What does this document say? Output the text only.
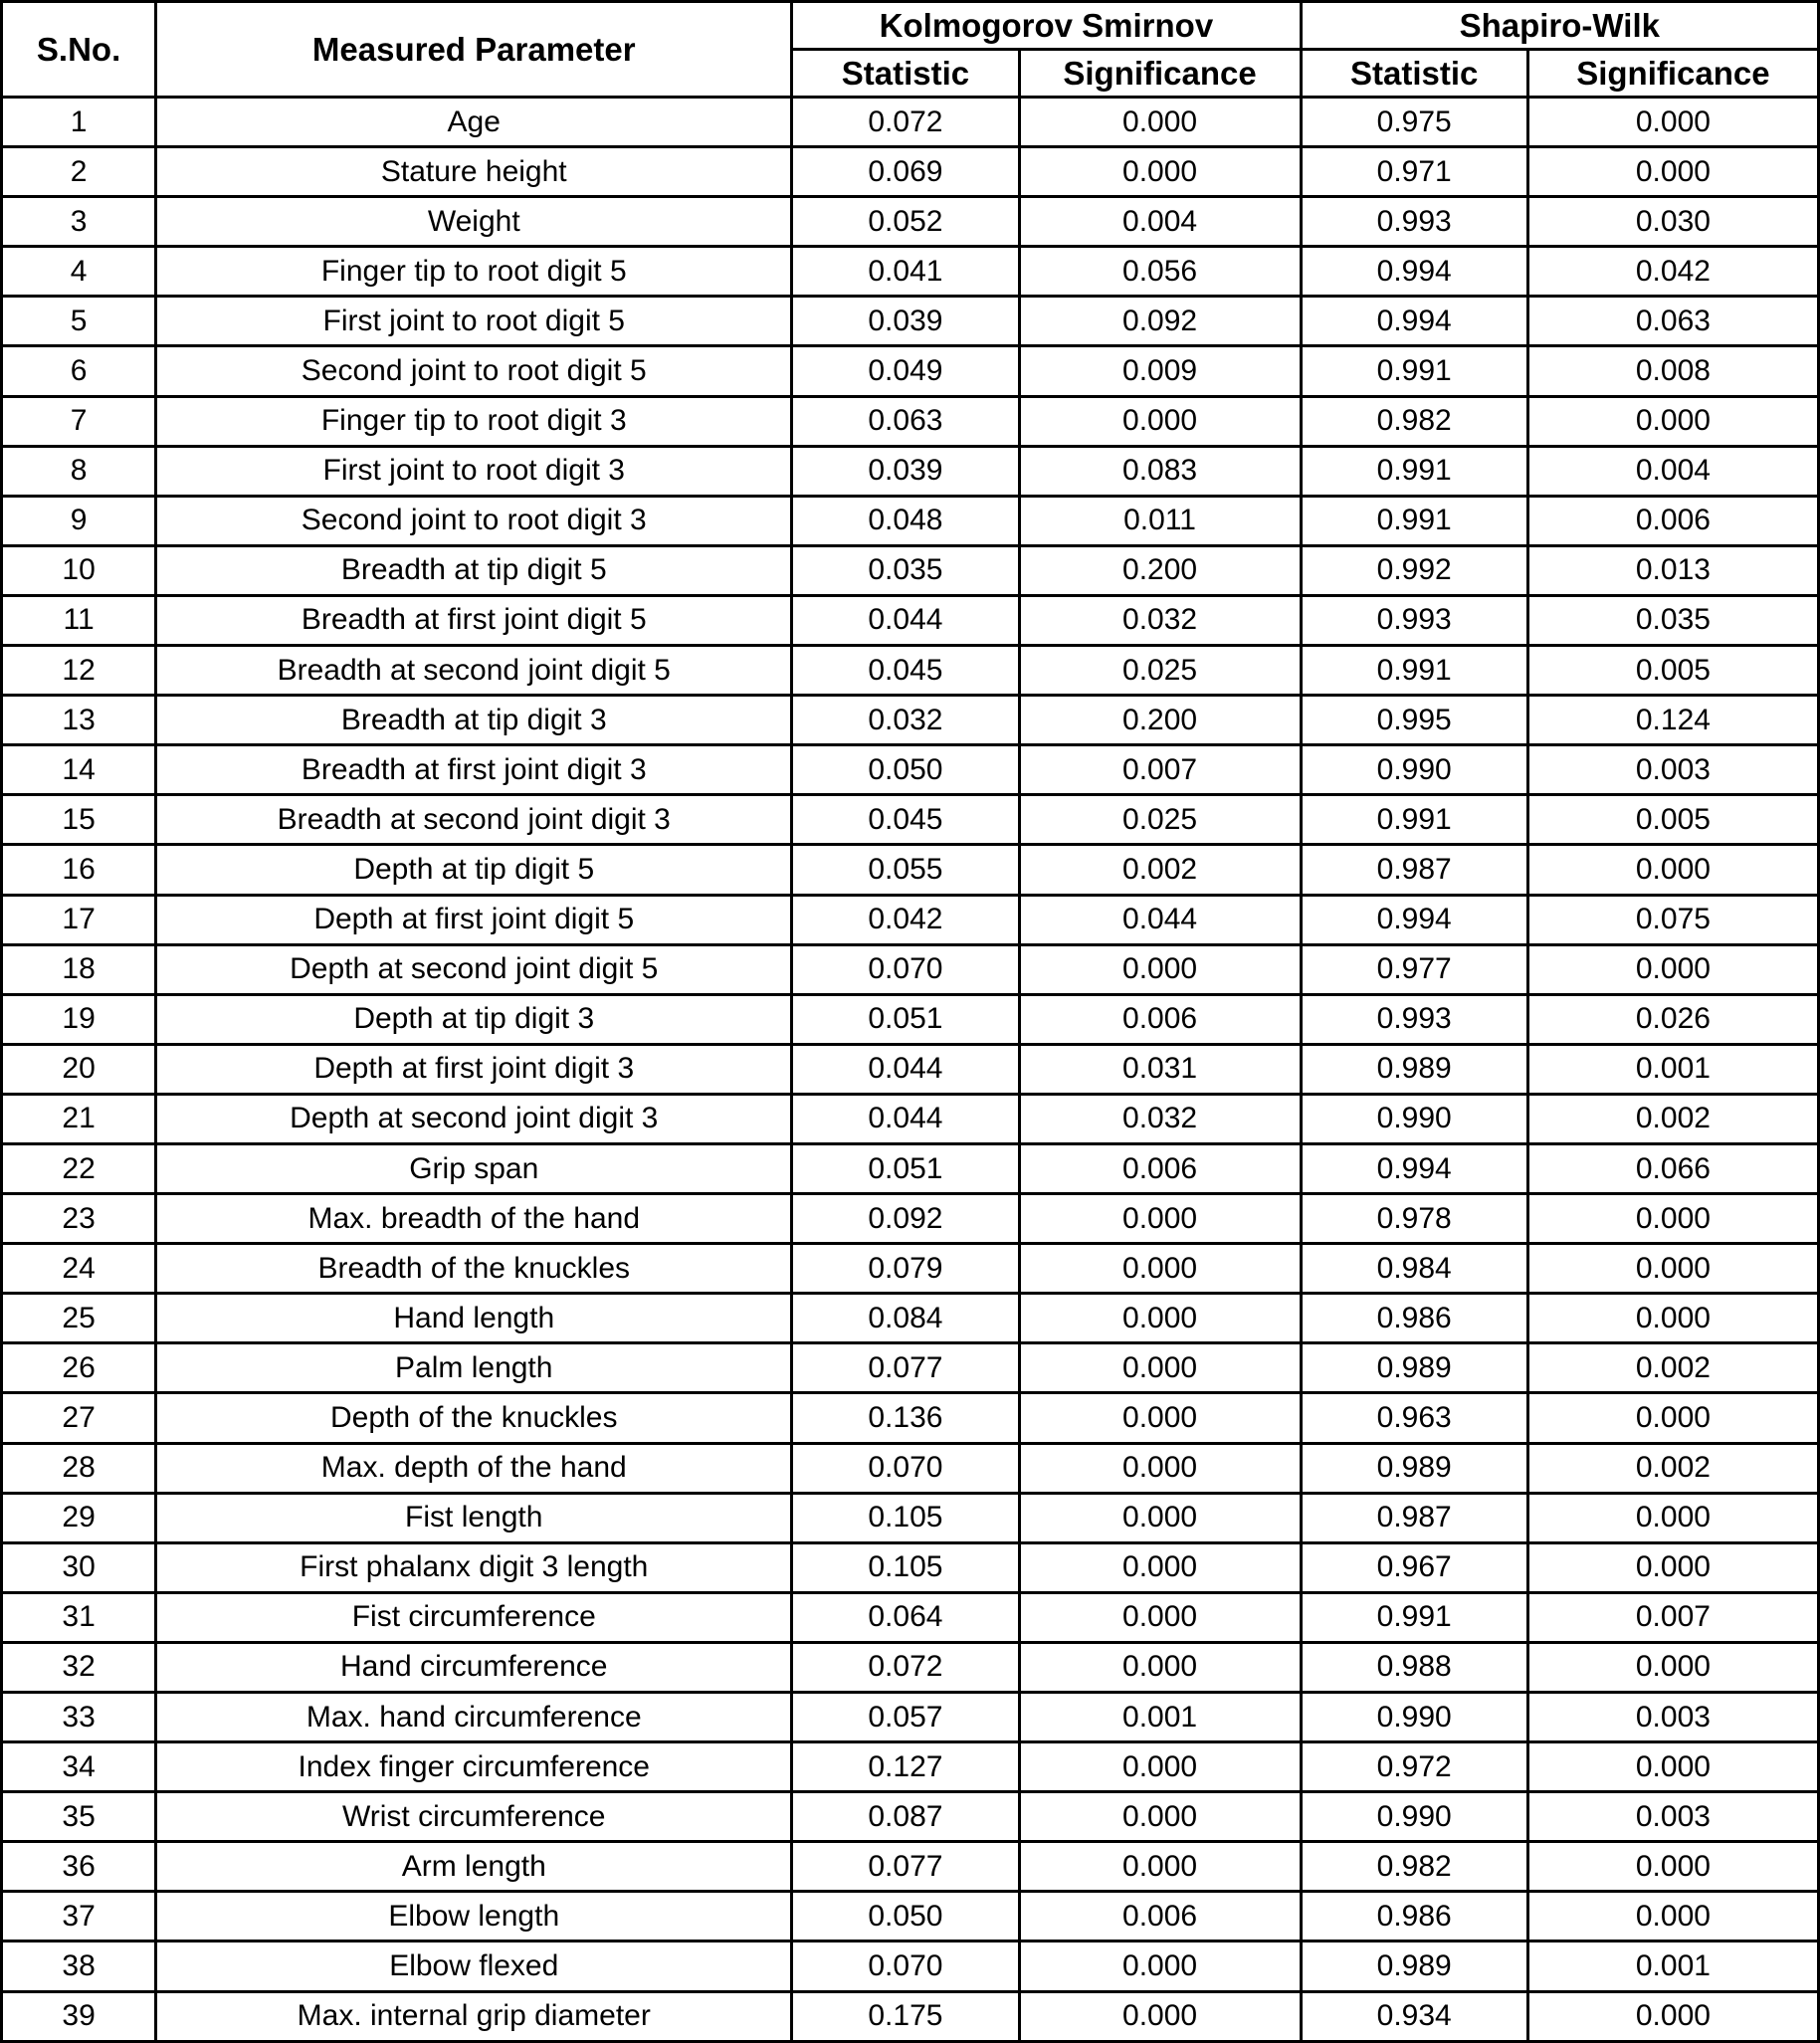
S.No.	Measured Parameter	Kolmogorov Smirnov		Shapiro-Wilk	
		Statistic	Significance	Statistic	Significance
1	Age	0.072	0.000	0.975	0.000
2	Stature height	0.069	0.000	0.971	0.000
3	Weight	0.052	0.004	0.993	0.030
4	Finger tip to root digit 5	0.041	0.056	0.994	0.042
5	First joint to root digit 5	0.039	0.092	0.994	0.063
6	Second joint to root digit 5	0.049	0.009	0.991	0.008
7	Finger tip to root digit 3	0.063	0.000	0.982	0.000
8	First joint to root digit 3	0.039	0.083	0.991	0.004
9	Second joint to root digit 3	0.048	0.011	0.991	0.006
10	Breadth at tip digit 5	0.035	0.200	0.992	0.013
11	Breadth at first joint digit 5	0.044	0.032	0.993	0.035
12	Breadth at second joint digit 5	0.045	0.025	0.991	0.005
13	Breadth at tip digit 3	0.032	0.200	0.995	0.124
14	Breadth at first joint digit 3	0.050	0.007	0.990	0.003
15	Breadth at second joint digit 3	0.045	0.025	0.991	0.005
16	Depth at tip digit 5	0.055	0.002	0.987	0.000
17	Depth at first joint digit 5	0.042	0.044	0.994	0.075
18	Depth at second joint digit 5	0.070	0.000	0.977	0.000
19	Depth at tip digit 3	0.051	0.006	0.993	0.026
20	Depth at first joint digit 3	0.044	0.031	0.989	0.001
21	Depth at second joint digit 3	0.044	0.032	0.990	0.002
22	Grip span	0.051	0.006	0.994	0.066
23	Max. breadth of the hand	0.092	0.000	0.978	0.000
24	Breadth of the knuckles	0.079	0.000	0.984	0.000
25	Hand length	0.084	0.000	0.986	0.000
26	Palm length	0.077	0.000	0.989	0.002
27	Depth of the knuckles	0.136	0.000	0.963	0.000
28	Max. depth of the hand	0.070	0.000	0.989	0.002
29	Fist length	0.105	0.000	0.987	0.000
30	First phalanx digit 3 length	0.105	0.000	0.967	0.000
31	Fist circumference	0.064	0.000	0.991	0.007
32	Hand circumference	0.072	0.000	0.988	0.000
33	Max. hand circumference	0.057	0.001	0.990	0.003
34	Index finger circumference	0.127	0.000	0.972	0.000
35	Wrist circumference	0.087	0.000	0.990	0.003
36	Arm length	0.077	0.000	0.982	0.000
37	Elbow length	0.050	0.006	0.986	0.000
38	Elbow flexed	0.070	0.000	0.989	0.001
39	Max. internal grip diameter	0.175	0.000	0.934	0.000
